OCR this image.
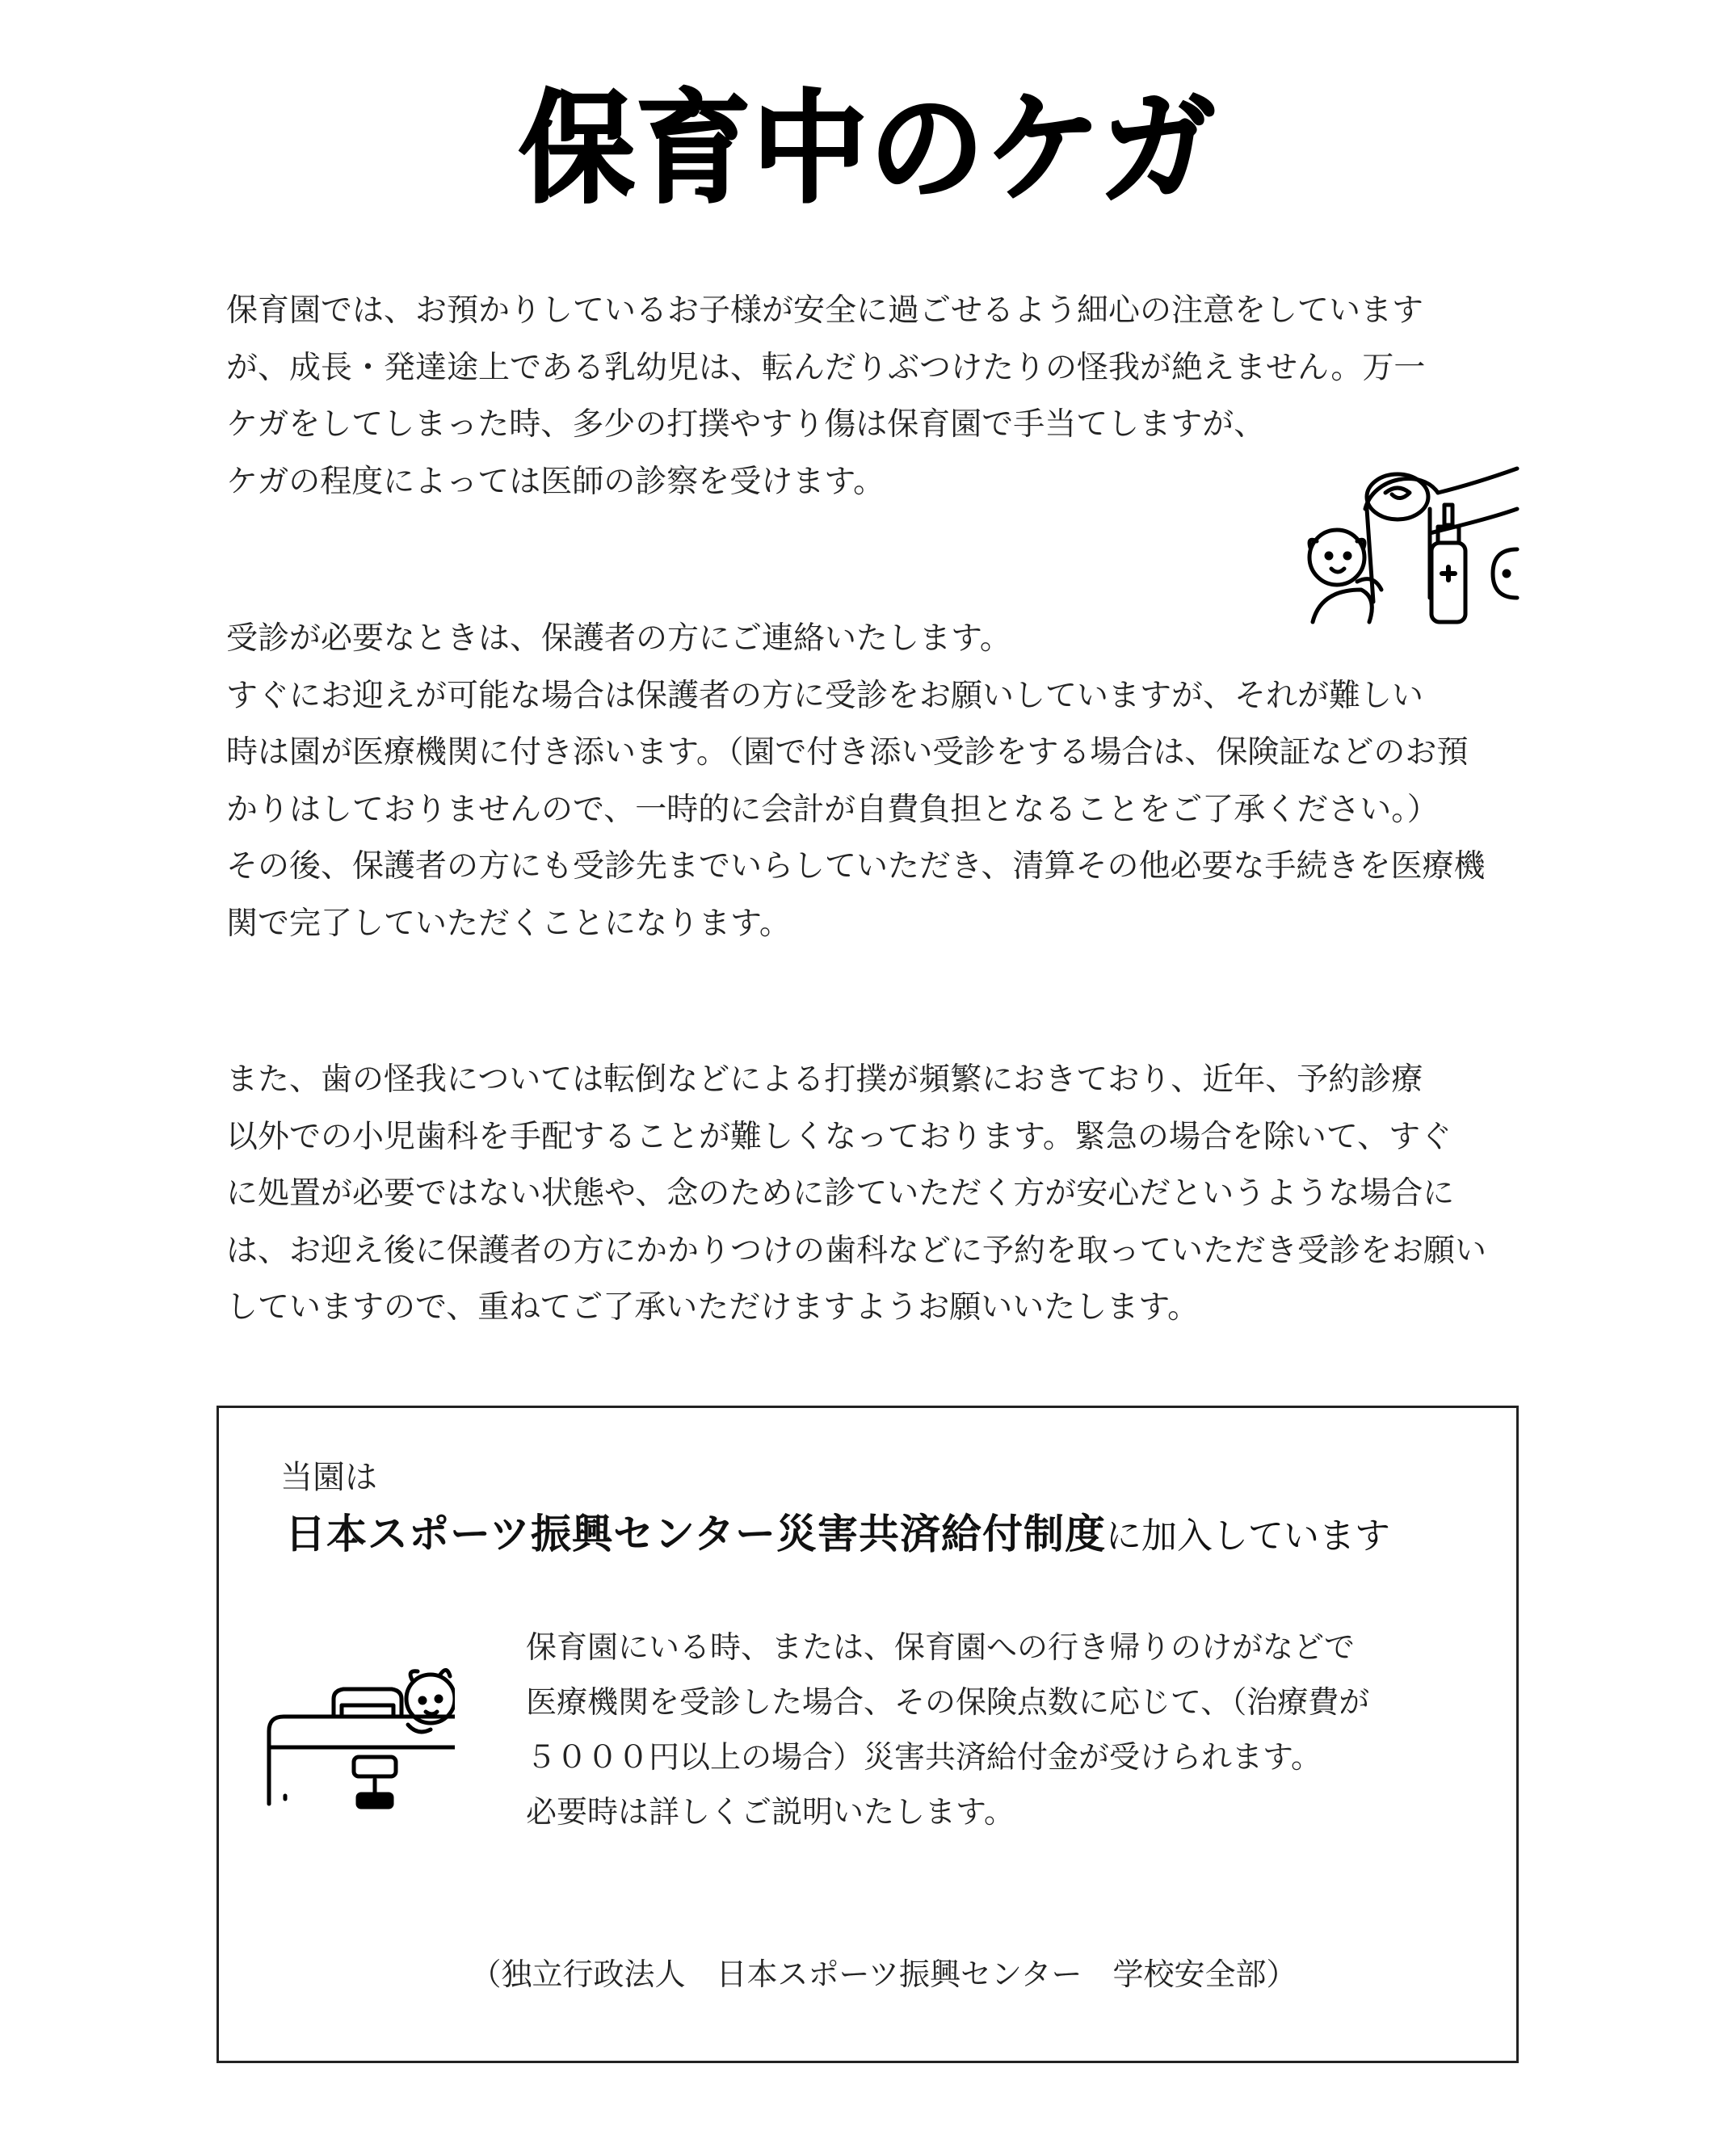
保育中のケガ
保育園では、お預かりしているお子様が安全に過ごせるよう細心の注意をしています
が、成長・発達途上である乳幼児は、転んだりぶつけたりの怪我が絶えません。万一
ケガをしてしまった時、多少の打撲やすり傷は保育園で手当てしますが、
ケガの程度によっては医師の診察を受けます。
受診が必要なときは、保護者の方にご連絡いたします。
すぐにお迎えが可能な場合は保護者の方に受診をお願いしていますが、それが難しい
時は園が医療機関に付き添います。（園で付き添い受診をする場合は、保険証などのお預
かりはしておりませんので、一時的に会計が自費負担となることをご了承ください。）
その後、保護者の方にも受診先までいらしていただき、清算その他必要な手続きを医療機
関で完了していただくことになります。
また、歯の怪我については転倒などによる打撲が頻繁におきており、近年、予約診療
以外での小児歯科を手配することが難しくなっております。緊急の場合を除いて、すぐ
に処置が必要ではない状態や、念のために診ていただく方が安心だというような場合に
は、お迎え後に保護者の方にかかりつけの歯科などに予約を取っていただき受診をお願い
していますので、重ねてご了承いただけますようお願いいたします。
当園は
日本スポーツ振興センター災害共済給付制度に加入しています
保育園にいる時、または、保育園への行き帰りのけがなどで
医療機関を受診した場合、その保険点数に応じて、（治療費が
５０００円以上の場合）災害共済給付金が受けられます。
必要時は詳しくご説明いたします。
（独立行政法人　日本スポーツ振興センター　学校安全部）
